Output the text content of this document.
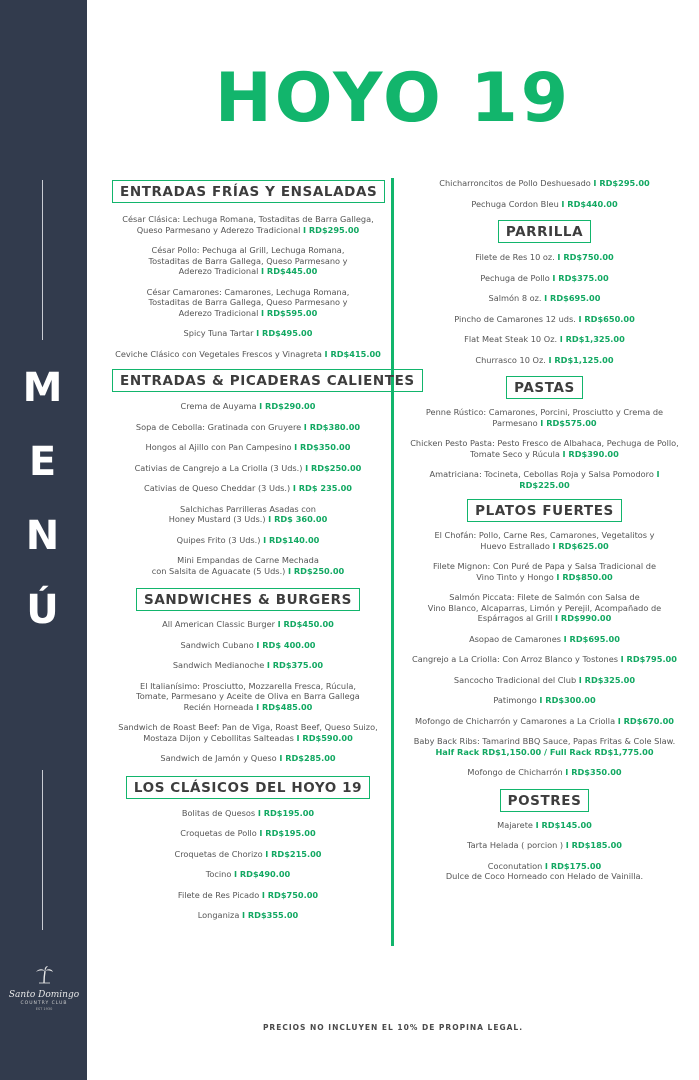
M
E
N
Ú
Santo Domingo
COUNTRY CLUB
EST 1930
HOYO 19
ENTRADAS FRÍAS Y ENSALADAS
César Clásica: Lechuga Romana, Tostaditas de Barra Gallega,
Queso Parmesano y Aderezo Tradicional I RD$295.00
César Pollo: Pechuga al Grill, Lechuga Romana,
Tostaditas de Barra Gallega, Queso Parmesano y
Aderezo Tradicional I RD$445.00
César Camarones: Camarones, Lechuga Romana,
Tostaditas de Barra Gallega, Queso Parmesano y
Aderezo Tradicional I RD$595.00
Spicy Tuna Tartar I RD$495.00
Ceviche Clásico con Vegetales Frescos y Vinagreta I RD$415.00
ENTRADAS & PICADERAS CALIENTES
Crema de Auyama I RD$290.00
Sopa de Cebolla: Gratinada con Gruyere I RD$380.00
Hongos al Ajillo con Pan Campesino I RD$350.00
Cativias de Cangrejo a La Criolla (3 Uds.) I RD$250.00
Cativias de Queso Cheddar (3 Uds.) I RD$ 235.00
Salchichas Parrilleras Asadas con
Honey Mustard (3 Uds.) I RD$ 360.00
Quipes Frito (3 Uds.) I RD$140.00
Mini Empandas de Carne Mechada
con Salsita de Aguacate (5 Uds.) I RD$250.00
SANDWICHES & BURGERS
All American Classic Burger I RD$450.00
Sandwich Cubano I RD$ 400.00
Sandwich Medianoche I RD$375.00
El Italianísimo: Prosciutto, Mozzarella Fresca, Rúcula,
Tomate, Parmesano y Aceite de Oliva en Barra Gallega
Recién Horneada I RD$485.00
Sandwich de Roast Beef: Pan de Viga, Roast Beef, Queso Suizo,
Mostaza Dijon y Cebollitas Salteadas I RD$590.00
Sandwich de Jamón y Queso I RD$285.00
LOS CLÁSICOS DEL HOYO 19
Bolitas de Quesos I RD$195.00
Croquetas de Pollo I RD$195.00
Croquetas de Chorizo I RD$215.00
Tocino I RD$490.00
Filete de Res Picado I RD$750.00
Longaniza I RD$355.00
Chicharroncitos de Pollo Deshuesado I RD$295.00
Pechuga Cordon Bleu I RD$440.00
PARRILLA
Filete de Res 10 oz. I RD$750.00
Pechuga de Pollo I RD$375.00
Salmón 8 oz. I RD$695.00
Pincho de Camarones 12 uds. I RD$650.00
Flat Meat Steak 10 Oz. I RD$1,325.00
Churrasco 10 Oz. I RD$1,125.00
PASTAS
Penne Rústico: Camarones, Porcini, Prosciutto y Crema de
Parmesano I RD$575.00
Chicken Pesto Pasta: Pesto Fresco de Albahaca, Pechuga de Pollo,
Tomate Seco y Rúcula I RD$390.00
Amatriciana: Tocineta, Cebollas Roja y Salsa Pomodoro I RD$225.00
PLATOS FUERTES
El Chofán: Pollo, Carne Res, Camarones, Vegetalitos y
Huevo Estrallado I RD$625.00
Filete Mignon: Con Puré de Papa y Salsa Tradicional de
Vino Tinto y Hongo I RD$850.00
Salmón Piccata: Filete de Salmón con Salsa de
Vino Blanco, Alcaparras, Limón y Perejil, Acompañado de
Espárragos al Grill I RD$990.00
Asopao de Camarones I RD$695.00
Cangrejo a La Criolla: Con Arroz Blanco y Tostones I RD$795.00
Sancocho Tradicional del Club I RD$325.00
Patimongo I RD$300.00
Mofongo de Chicharrón y Camarones a La Criolla I RD$670.00
Baby Back Ribs: Tamarind BBQ Sauce, Papas Fritas & Cole Slaw.
Half Rack RD$1,150.00 / Full Rack RD$1,775.00
Mofongo de Chicharrón I RD$350.00
POSTRES
Majarete I RD$145.00
Tarta Helada ( porcion ) I RD$185.00
Coconutation I RD$175.00
Dulce de Coco Horneado con Helado de Vainilla.
PRECIOS NO INCLUYEN EL 10% DE PROPINA LEGAL.
